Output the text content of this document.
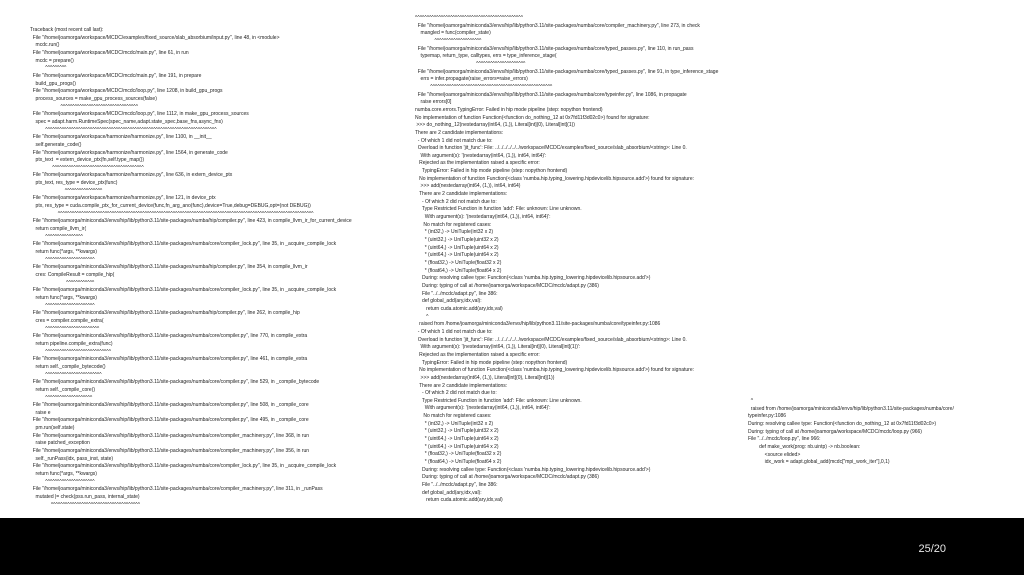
Traceback (most recent call last):
File "/home/joamorga/workspace/MCDC/examples/fixed_source/slab_absorbium/input.py", line 48, in <module>
mcdc.run()
File "/home/joamorga/workspace/MCDC/mcdc/main.py", line 61, in run
mcdc = prepare()
^^^^^^^^^
File "/home/joamorga/workspace/MCDC/mcdc/main.py", line 191, in prepare
build_gpu_progs()
File "/home/joamorga/workspace/MCDC/mcdc/loop.py", line 1208, in build_gpu_progs
process_sources = make_gpu_process_sources(false)
^^^^^^^^^^^^^^^^^^^^^^^^^^^^^^^^^
File "/home/joamorga/workspace/MCDC/mcdc/loop.py", line 1112, in make_gpu_process_sources
spec = adapt.harm.RuntimeSpec(spec_name,adapt.state_spec,base_fns,async_fns)
^^^^^^^^^^^^^^^^^^^^^^^^^^^^^^^^^^^^^^^^^^^^^^^^^^^^^^^^^^^^^^^^^^^^^^^^^
File "/home/joamorga/workspace/harmonize/harmonize.py", line 1100, in __init__
self.generate_code()
File "/home/joamorga/workspace/harmonize/harmonize.py", line 1564, in generate_code
ptx_text  = extern_device_ptx(fn,self.type_map())
^^^^^^^^^^^^^^^^^^^^^^^^^^^^^^^^^^^^^^^
File "/home/joamorga/workspace/harmonize/harmonize.py", line 636, in extern_device_ptx
ptx_text, res_type = device_ptx(func)
^^^^^^^^^^^^^^^^
File "/home/joamorga/workspace/harmonize/harmonize.py", line 121, in device_ptx
ptx, res_type = cuda.compile_ptx_for_current_device(func,fn_arg_ano(func),device=True,debug=DEBUG,opt=(not DEBUG))
^^^^^^^^^^^^^^^^^^^^^^^^^^^^^^^^^^^^^^^^^^^^^^^^^^^^^^^^^^^^^^^^^^^^^^^^^^^^^^^^^^^^^^^^^^^^^^^^^^^^^^^^^^^^^
File "/home/joamorga/miniconda3/envs/hip/lib/python3.11/site-packages/numba/hip/compiler.py", line 423, in compile_llvm_ir_for_current_device
return compile_llvm_ir(
^^^^^^^^^^^^^^^^
File "/home/joamorga/miniconda3/envs/hip/lib/python3.11/site-packages/numba/core/compiler_lock.py", line 35, in _acquire_compile_lock
return func(*args, **kwargs)
^^^^^^^^^^^^^^^^^^^^^
File "/home/joamorga/miniconda3/envs/hip/lib/python3.11/site-packages/numba/hip/compiler.py", line 354, in compile_llvm_ir
cres: CompileResult = compile_hip(
^^^^^^^^^^^^
File "/home/joamorga/miniconda3/envs/hip/lib/python3.11/site-packages/numba/core/compiler_lock.py", line 35, in _acquire_compile_lock
return func(*args, **kwargs)
^^^^^^^^^^^^^^^^^^^^^
File "/home/joamorga/miniconda3/envs/hip/lib/python3.11/site-packages/numba/hip/compiler.py", line 262, in compile_hip
cres = compiler.compile_extra(
^^^^^^^^^^^^^^^^^^^^^^^
File "/home/joamorga/miniconda3/envs/hip/lib/python3.11/site-packages/numba/core/compiler.py", line 770, in compile_extra
return pipeline.compile_extra(func)
^^^^^^^^^^^^^^^^^^^^^^^^^^^^
File "/home/joamorga/miniconda3/envs/hip/lib/python3.11/site-packages/numba/core/compiler.py", line 461, in compile_extra
return self._compile_bytecode()
^^^^^^^^^^^^^^^^^^^^^^^^
File "/home/joamorga/miniconda3/envs/hip/lib/python3.11/site-packages/numba/core/compiler.py", line 529, in _compile_bytecode
return self._compile_core()
^^^^^^^^^^^^^^^^^^^^
File "/home/joamorga/miniconda3/envs/hip/lib/python3.11/site-packages/numba/core/compiler.py", line 508, in _compile_core
raise e
File "/home/joamorga/miniconda3/envs/hip/lib/python3.11/site-packages/numba/core/compiler.py", line 495, in _compile_core
pm.run(self.state)
File "/home/joamorga/miniconda3/envs/hip/lib/python3.11/site-packages/numba/core/compiler_machinery.py", line 368, in run
raise patched_exception
File "/home/joamorga/miniconda3/envs/hip/lib/python3.11/site-packages/numba/core/compiler_machinery.py", line 356, in run
self._runPass(idx, pass_inst, state)
File "/home/joamorga/miniconda3/envs/hip/lib/python3.11/site-packages/numba/core/compiler_lock.py", line 35, in _acquire_compile_lock
return func(*args, **kwargs)
^^^^^^^^^^^^^^^^^^^^^
File "/home/joamorga/miniconda3/envs/hip/lib/python3.11/site-packages/numba/core/compiler_machinery.py", line 311, in _runPass
mutated |= check(pss.run_pass, internal_state)
^^^^^^^^^^^^^^^^^^^^^^^^^^^^^^^^^^^^^^
^^^^^^^^^^^^^^^^^^^^^^^^^^^^^^^^^^^^^^^^^^^^^^
File "/home/joamorga/miniconda3/envs/hip/lib/python3.11/site-packages/numba/core/compiler_machinery.py", line 273, in check
mangled = func(compiler_state)
^^^^^^^^^^^^^^^^^^^^
File "/home/joamorga/miniconda3/envs/hip/lib/python3.11/site-packages/numba/core/typed_passes.py", line 110, in run_pass
typemap, return_type, calltypes, errs = type_inference_stage(
^^^^^^^^^^^^^^^^^^^^^
File "/home/joamorga/miniconda3/envs/hip/lib/python3.11/site-packages/numba/core/typed_passes.py", line 91, in type_inference_stage
errs = infer.propagate(raise_errors=raise_errors)
^^^^^^^^^^^^^^^^^^^^^^^^^^^^^^^^^^^^^^^^^^^^^^^^^^^^
File "/home/joamorga/miniconda3/envs/hip/lib/python3.11/site-packages/numba/core/typeinfer.py", line 1086, in propagate
raise errors[0]
numba.core.errors.TypingError: Failed in hip mode pipeline (step: nopython frontend)
No implementation of function Function(<function do_nothing_12 at 0x7fd11f3d02c0>) found for signature:
>>> do_nothing_12(nestedarray(int64, (1,)), Literal[int](0), Literal[int](1))
There are 2 candidate implementations:
- Of which 1 did not match due to:
Overload in function 'jit_func': File: ../../../../../../workspace/MCDC/examples/fixed_source/slab_absorbium/<string>: Line 0.
With argument(s): '(nestedarray(int64, (1,)), int64, int64)':
Rejected as the implementation raised a specific error:
TypingError: Failed in hip mode pipeline (step: nopython frontend)
No implementation of function Function(<class 'numba.hip.typing_lowering.hipdevicelib.hipsource.add'>) found for signature:
>>> add(nestedarray(int64, (1,)), int64, int64)
There are 2 candidate implementations:
- Of which 2 did not match due to:
Type Restricted Function in function 'add': File: unknown: Line unknown.
With argument(s): '(nestedarray(int64, (1,)), int64, int64)':
No match for registered cases:
* (int32,) -> UniTuple(int32 x 2)
* (uint32,) -> UniTuple(uint32 x 2)
* (uint64,) -> UniTuple(uint64 x 2)
* (uint64,) -> UniTuple(uint64 x 2)
* (float32,) -> UniTuple(float32 x 2)
* (float64,) -> UniTuple(float64 x 2)
During: resolving callee type: Function(<class 'numba.hip.typing_lowering.hipdevicelib.hipsource.add'>)
During: typing of call at /home/joamorga/workspace/MCDC/mcdc/adapt.py (386)
File "../../mcdc/adapt.py", line 386:
def global_add(ary,idx,val):
return cuda.atomic.add(ary,idx,val)
^
raised from /home/joamorga/miniconda3/envs/hip/lib/python3.11/site-packages/numba/core/typeinfer.py:1086
- Of which 1 did not match due to:
Overload in function 'jit_func': File: ../../../../../../workspace/MCDC/examples/fixed_source/slab_absorbium/<string>: Line 0.
With argument(s): '(nestedarray(int64, (1,)), Literal[int](0), Literal[int](1))':
Rejected as the implementation raised a specific error:
TypingError: Failed in hip mode pipeline (step: nopython frontend)
No implementation of function Function(<class 'numba.hip.typing_lowering.hipdevicelib.hipsource.add'>) found for signature:
>>> add(nestedarray(int64, (1,)), Literal[int](0), Literal[int](1))
There are 2 candidate implementations:
- Of which 2 did not match due to:
Type Restricted Function in function 'add': File: unknown: Line unknown.
With argument(s): '(nestedarray(int64, (1,)), int64, int64)':
No match for registered cases:
* (int32,) -> UniTuple(int32 x 2)
* (uint32,) -> UniTuple(uint32 x 2)
* (uint64,) -> UniTuple(uint64 x 2)
* (uint64,) -> UniTuple(uint64 x 2)
* (float32,) -> UniTuple(float32 x 2)
* (float64,) -> UniTuple(float64 x 2)
During: resolving callee type: Function(<class 'numba.hip.typing_lowering.hipdevicelib.hipsource.add'>)
During: typing of call at /home/joamorga/workspace/MCDC/mcdc/adapt.py (386)
File "../../mcdc/adapt.py", line 386:
def global_add(ary,idx,val):
return cuda.atomic.add(ary,idx,val)
^
raised from /home/joamorga/miniconda3/envs/hip/lib/python3.11/site-packages/numba/core/
typeinfer.py:1086
During: resolving callee type: Function(<function do_nothing_12 at 0x7fd11f3d02c0>)
During: typing of call at /home/joamorga/workspace/MCDC/mcdc/loop.py (966)
File "../../mcdc/loop.py", line 966:
def make_work(prog: nb.uintp) -> nb.boolean:
<source elided>
idx_work = adapt.global_add(mcdc["mpi_work_iter"],0,1)
25/20
